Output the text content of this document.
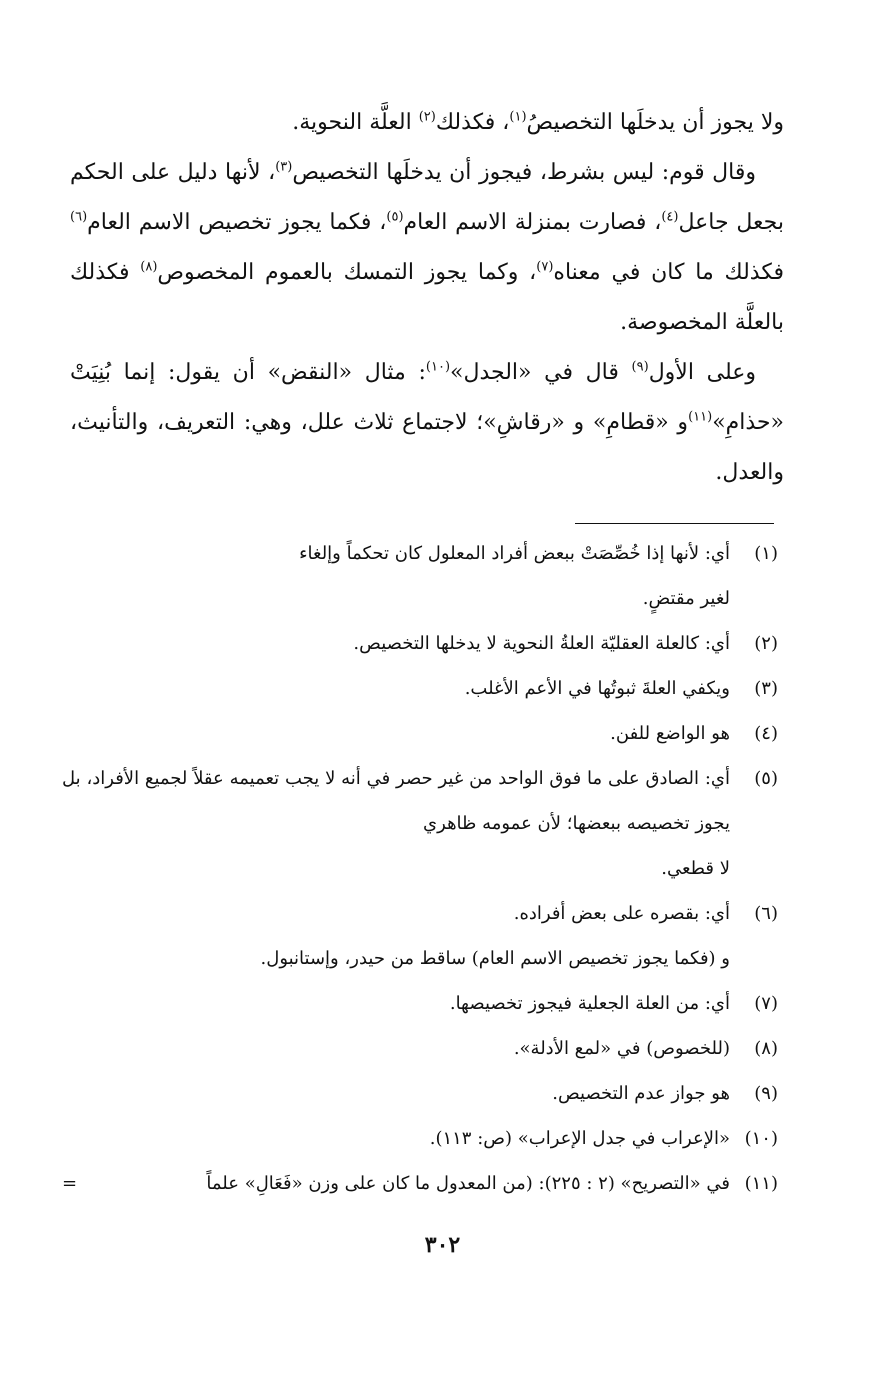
ولا يجوز أن يدخلَها التخصيصُ$^{(١)}$، فكذلك$^{(٢)}$ العلَّة النحوية.

وقال قوم: ليس بشرط، فيجوز أن يدخلَها التخصيص$^{(٣)}$، لأنها دليل على الحكم بجعل جاعل$^{(٤)}$، فصارت بمنزلة الاسم العام$^{(٥)}$، فكما يجوز تخصيص الاسم العام$^{(٦)}$ فكذلك ما كان في معناه$^{(٧)}$، وكما يجوز التمسك بالعموم المخصوص$^{(٨)}$ فكذلك بالعلَّة المخصوصة.

وعلى الأول$^{(٩)}$ قال في «الجدل»$^{(١٠)}$: مثال «النقض» أن يقول: إنما بُنِيَتْ «حذامِ»$^{(١١)}$و «قطامِ» و «رقاشِ»؛ لاجتماع ثلاث علل، وهي: التعريف، والتأنيث، والعدل.

(١)
أي: لأنها إذا خُصِّصَتْ ببعض أفراد المعلول كان تحكماً وإلغاء
لغير مقتضٍ.
(٢)
أي: كالعلة العقليّة العلةُ النحوية لا يدخلها التخصيص.
(٣)
ويكفي العلةَ ثبوتُها في الأعم الأغلب.
(٤)
هو الواضع للفن.
(٥)
أي: الصادق على ما فوق الواحد من غير حصر في أنه لا يجب تعميمه عقلاً لجميع الأفراد، بل يجوز تخصيصه ببعضها؛ لأن عمومه ظاهري
لا قطعي.
(٦)
أي: بقصره على بعض أفراده.
و (فكما يجوز تخصيص الاسم العام) ساقط من حيدر، وإستانبول.
(٧)
أي: من العلة الجعلية فيجوز تخصيصها.
(٨)
(للخصوص) في «لمع الأدلة».
(٩)
هو جواز عدم التخصيص.
(١٠)
«الإعراب في جدل الإعراب» (ص: ١١٣).
(١١)
في «التصريح» (٢ : ٢٢٥): (من المعدول ما كان على وزن «فَعَالِ» علماً
=
٣٠٢
